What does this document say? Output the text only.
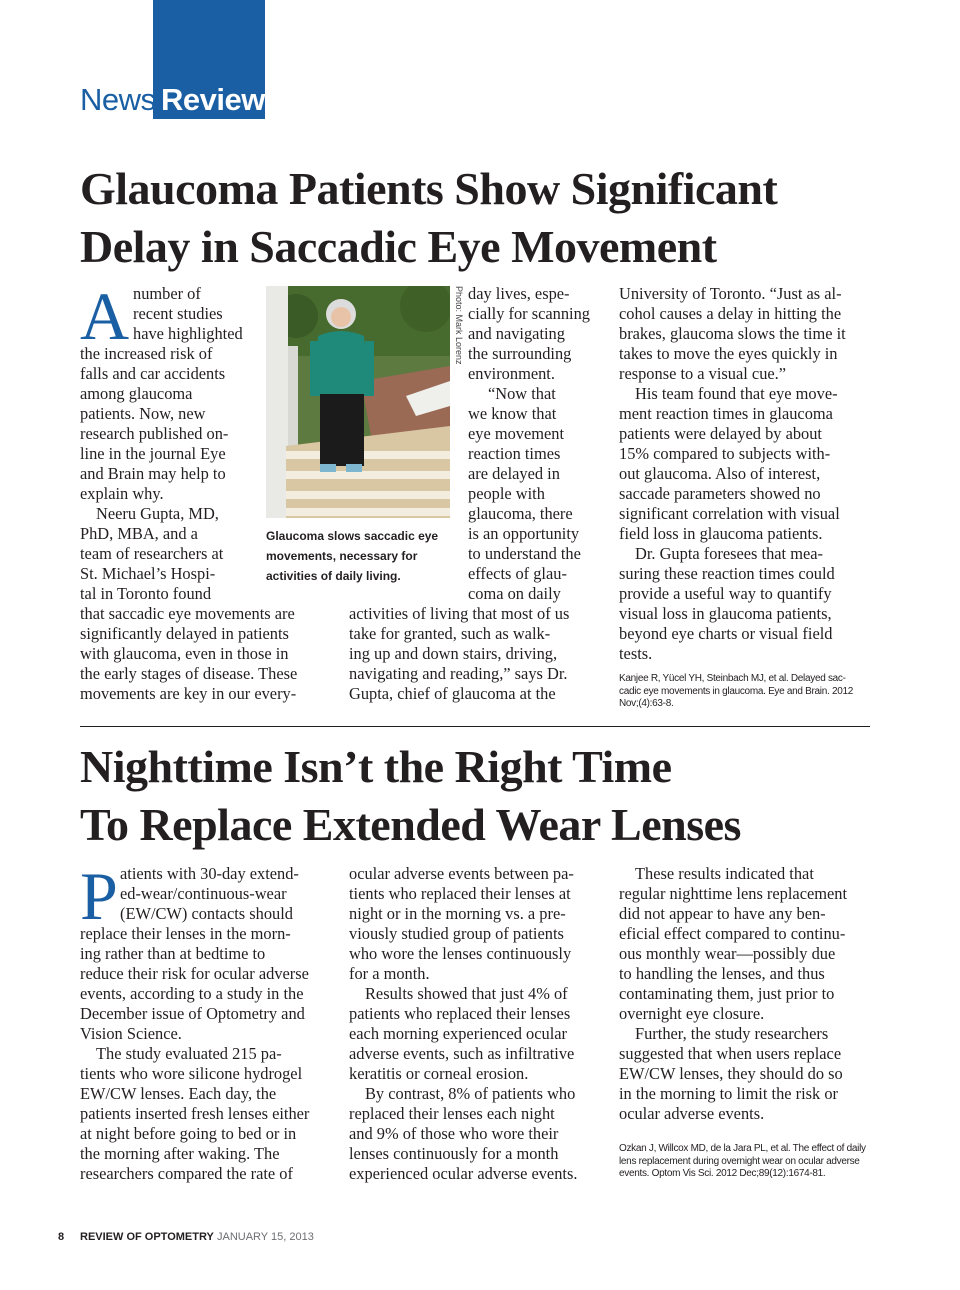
News Review
Glaucoma Patients Show Significant
Delay in Saccadic Eye Movement
A number of
recent studies
have highlighted
the increased risk of
falls and car accidents
among glaucoma
patients. Now, new
research published on-
line in the journal Eye
and Brain may help to
explain why.
Neeru Gupta, MD,
PhD, MBA, and a
team of researchers at
St. Michael’s Hospi-
tal in Toronto found
that saccadic eye movements are
significantly delayed in patients
with glaucoma, even in those in
the early stages of disease. These
movements are key in our every-
Photo: Mark Lorenz
Glaucoma slows saccadic eye
movements, necessary for
activities of daily living.
day lives, espe-
cially for scanning
and navigating
the surrounding
environment.
“Now that
we know that
eye movement
reaction times
are delayed in
people with
glaucoma, there
is an opportunity
to understand the
effects of glau-
coma on daily
activities of living that most of us
take for granted, such as walk-
ing up and down stairs, driving,
navigating and reading,” says Dr.
Gupta, chief of glaucoma at the
University of Toronto. “Just as al-
cohol causes a delay in hitting the
brakes, glaucoma slows the time it
takes to move the eyes quickly in
response to a visual cue.”
His team found that eye move-
ment reaction times in glaucoma
patients were delayed by about
15% compared to subjects with-
out glaucoma. Also of interest,
saccade parameters showed no
significant correlation with visual
field loss in glaucoma patients.
Dr. Gupta foresees that mea-
suring these reaction times could
provide a useful way to quantify
visual loss in glaucoma patients,
beyond eye charts or visual field
tests.
Kanjee R, Yücel YH, Steinbach MJ, et al. Delayed sac-
cadic eye movements in glaucoma. Eye and Brain. 2012
Nov;(4):63-8.
Nighttime Isn’t the Right Time
To Replace Extended Wear Lenses
P atients with 30-day extend-
ed-wear/continuous-wear
(EW/CW) contacts should
replace their lenses in the morn-
ing rather than at bedtime to
reduce their risk for ocular adverse
events, according to a study in the
December issue of Optometry and
Vision Science.
The study evaluated 215 pa-
tients who wore silicone hydrogel
EW/CW lenses. Each day, the
patients inserted fresh lenses either
at night before going to bed or in
the morning after waking. The
researchers compared the rate of
ocular adverse events between pa-
tients who replaced their lenses at
night or in the morning vs. a pre-
viously studied group of patients
who wore the lenses continuously
for a month.
Results showed that just 4% of
patients who replaced their lenses
each morning experienced ocular
adverse events, such as infiltrative
keratitis or corneal erosion.
By contrast, 8% of patients who
replaced their lenses each night
and 9% of those who wore their
lenses continuously for a month
experienced ocular adverse events.
These results indicated that
regular nighttime lens replacement
did not appear to have any ben-
eficial effect compared to continu-
ous monthly wear—possibly due
to handling the lenses, and thus
contaminating them, just prior to
overnight eye closure.
Further, the study researchers
suggested that when users replace
EW/CW lenses, they should do so
in the morning to limit the risk or
ocular adverse events.
Ozkan J, Willcox MD, de la Jara PL, et al. The effect of daily
lens replacement during overnight wear on ocular adverse
events. Optom Vis Sci. 2012 Dec;89(12):1674-81.
8 REVIEW OF OPTOMETRY JANUARY 15, 2013
